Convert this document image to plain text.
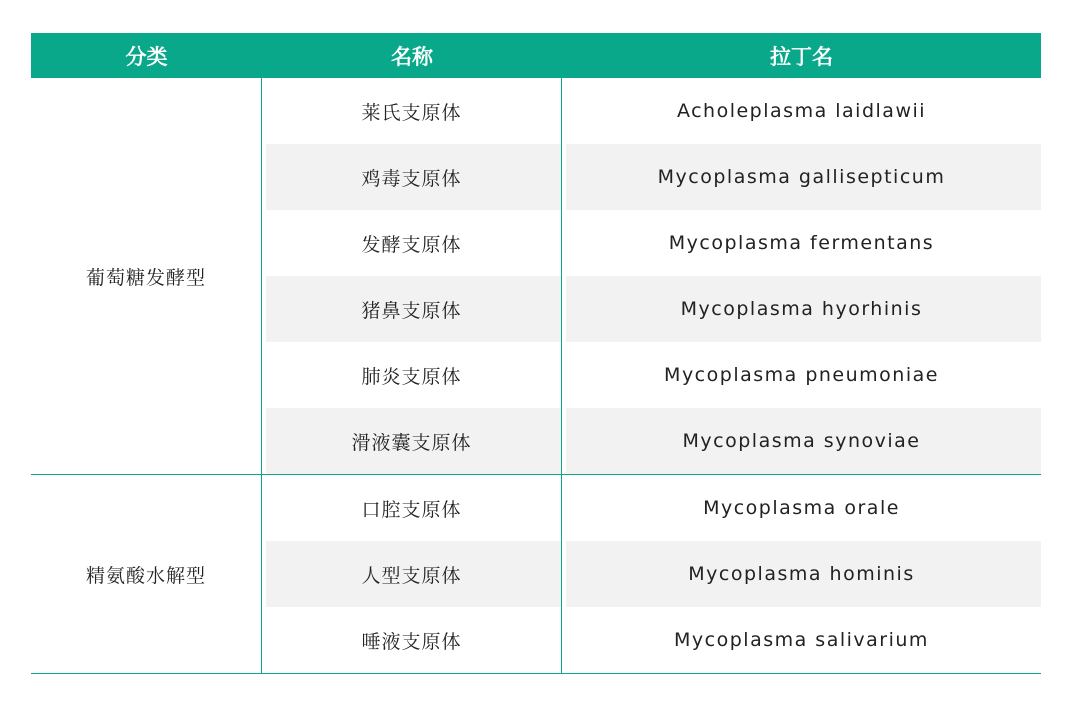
分类	名称	拉丁名
葡萄糖发酵型
莱氏支原体	Acholeplasma laidlawii
鸡毒支原体	Mycoplasma gallisepticum
发酵支原体	Mycoplasma fermentans
猪鼻支原体	Mycoplasma hyorhinis
肺炎支原体	Mycoplasma pneumoniae
滑液囊支原体	Mycoplasma synoviae
精氨酸水解型
口腔支原体	Mycoplasma orale
人型支原体	Mycoplasma hominis
唾液支原体	Mycoplasma salivarium
